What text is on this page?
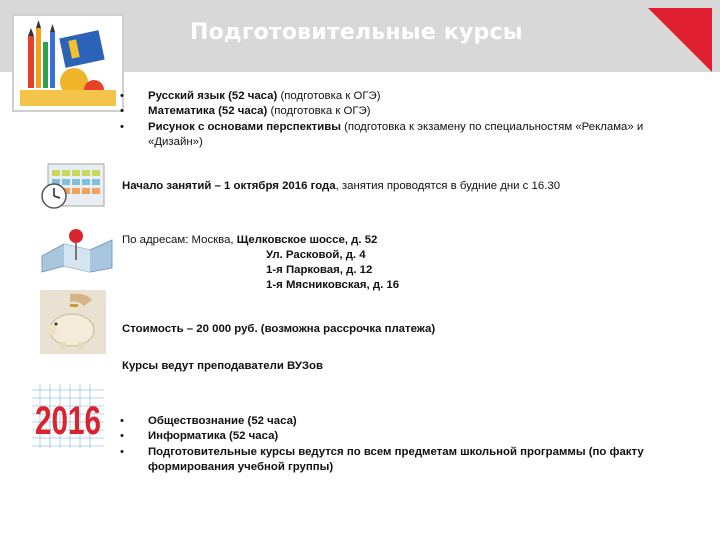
Подготовительные курсы
• Русский язык (52 часа) (подготовка к ОГЭ)
• Математика (52 часа) (подготовка к ОГЭ)
• Рисунок с основами перспективы (подготовка к экзамену по специальностям «Реклама» и «Дизайн»)
Начало занятий – 1 октября 2016 года, занятия проводятся в будние дни с 16.30
По адресам: Москва, Щелковское шоссе, д. 52
Ул. Расковой, д. 4
1-я Парковая, д. 12
1-я Мясниковская, д. 16
Стоимость – 20 000 руб. (возможна рассрочка платежа)
Курсы ведут преподаватели ВУЗов
2016 • Обществознание (52 часа)
• Информатика (52 часа)
• Подготовительные курсы ведутся по всем предметам школьной программы (по факту формирования учебной группы)
